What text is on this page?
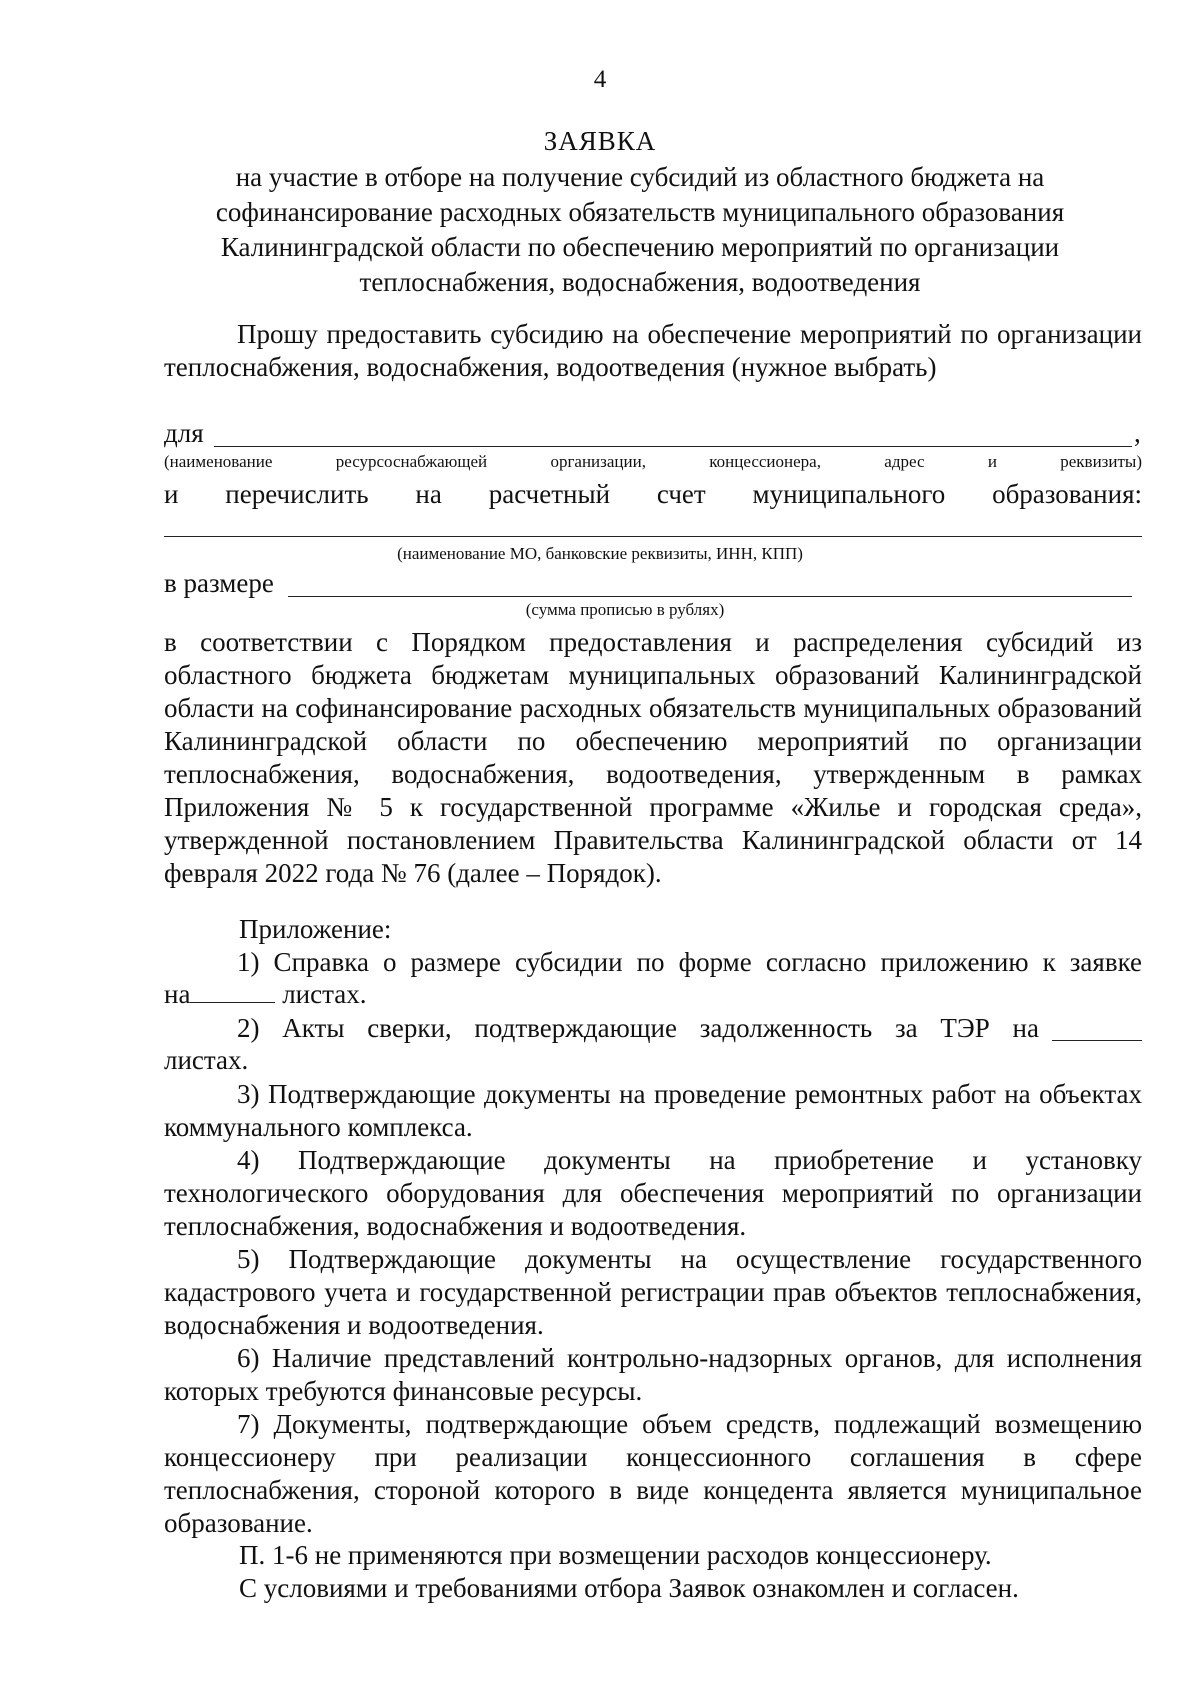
4
ЗАЯВКА
на участие в отборе на получение субсидий из областного бюджета на
софинансирование расходных обязательств муниципального образования
Калининградской области по обеспечению мероприятий по организации
теплоснабжения, водоснабжения, водоотведения
Прошу предоставить субсидию на обеспечение мероприятий по организации теплоснабжения, водоснабжения, водоотведения (нужное выбрать)
для	,
(наименование	ресурсоснабжающей	организации,	концессионера,	адрес	и	реквизиты)
и перечислить на расчетный счет муниципального образования:
(наименование МО, банковские реквизиты, ИНН, КПП)
в размере
(сумма прописью в рублях)
в соответствии с Порядком предоставления и распределения субсидий из областного бюджета бюджетам муниципальных образований Калининградской области на софинансирование расходных обязательств муниципальных образований Калининградской области по обеспечению мероприятий по организации теплоснабжения, водоснабжения, водоотведения, утвержденным в рамках Приложения № 5 к государственной программе «Жилье и городская среда», утвержденной постановлением Правительства Калининградской области от 14 февраля 2022 года № 76 (далее – Порядок).
Приложение:
1) Справка о размере субсидии по форме согласно приложению к заявке
на	листах.
2) Акты сверки, подтверждающие задолженность за ТЭР на
листах.
3) Подтверждающие документы на проведение ремонтных работ на объектах коммунального комплекса.
4) Подтверждающие документы на приобретение и установку технологического оборудования для обеспечения мероприятий по организации теплоснабжения, водоснабжения и водоотведения.
5) Подтверждающие документы на осуществление государственного кадастрового учета и государственной регистрации прав объектов теплоснабжения, водоснабжения и водоотведения.
6) Наличие представлений контрольно-надзорных органов, для исполнения которых требуются финансовые ресурсы.
7) Документы, подтверждающие объем средств, подлежащий возмещению концессионеру при реализации концессионного соглашения в сфере теплоснабжения, стороной которого в виде концедента является муниципальное образование.
П. 1-6 не применяются при возмещении расходов концессионеру.
С условиями и требованиями отбора Заявок ознакомлен и согласен.
